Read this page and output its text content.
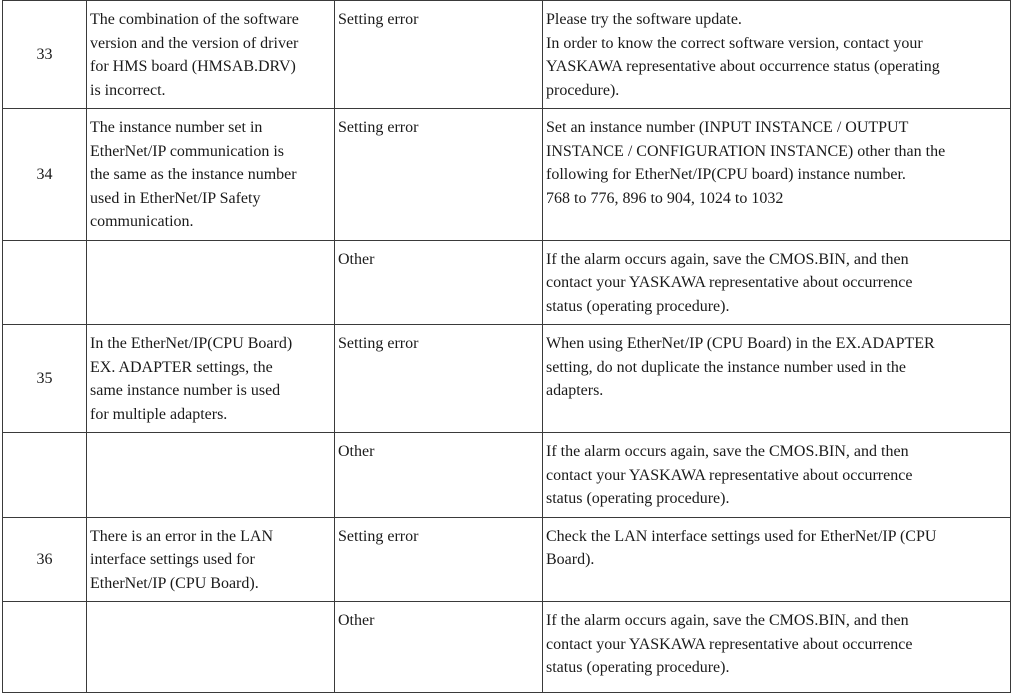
33	The combination of the software
version and the version of driver
for HMS board (HMSAB.DRV)
is incorrect.	Setting error	Please try the software update.
In order to know the correct software version, contact your
YASKAWA representative about occurrence status (operating
procedure).

34	The instance number set in
EtherNet/IP communication is
the same as the instance number
used in EtherNet/IP Safety
communication.	Setting error	Set an instance number (INPUT INSTANCE / OUTPUT
INSTANCE / CONFIGURATION INSTANCE) other than the
following for EtherNet/IP(CPU board) instance number.
768 to 776, 896 to 904, 1024 to 1032

		Other	If the alarm occurs again, save the CMOS.BIN, and then
contact your YASKAWA representative about occurrence
status (operating procedure).

35	In the EtherNet/IP(CPU Board)
EX. ADAPTER settings, the
same instance number is used
for multiple adapters.	Setting error	When using EtherNet/IP (CPU Board) in the EX.ADAPTER
setting, do not duplicate the instance number used in the
adapters.

		Other	If the alarm occurs again, save the CMOS.BIN, and then
contact your YASKAWA representative about occurrence
status (operating procedure).

36	There is an error in the LAN
interface settings used for
EtherNet/IP (CPU Board).	Setting error	Check the LAN interface settings used for EtherNet/IP (CPU
Board).

		Other	If the alarm occurs again, save the CMOS.BIN, and then
contact your YASKAWA representative about occurrence
status (operating procedure).
